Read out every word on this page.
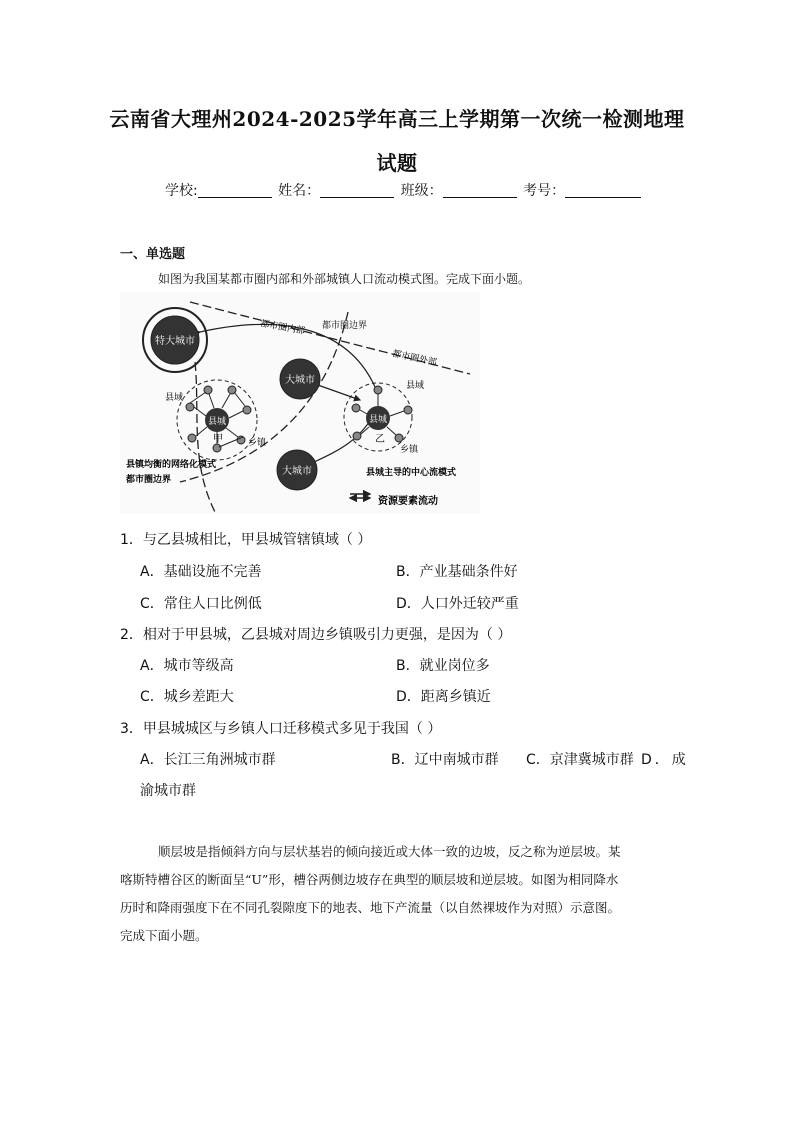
云南省大理州2024-2025学年高三上学期第一次统一检测地理
试题
学校:	姓名：	班级：	考号：
一、单选题
如图为我国某都市圈内部和外部城镇人口流动模式图。完成下面小题。
特大城市
大城市
大城市
都市圈内部 都市圈边界
都市圈外部
县城
县域
甲	乡镇
县城
县域
乙
乡镇
县镇均衡的网络化模式
都市圈边界
县城主导的中心流模式
资源要素流动
1．与乙县城相比，甲县城管辖镇域（ ）
A．基础设施不完善	B．产业基础条件好
C．常住人口比例低	D．人口外迁较严重
2．相对于甲县城，乙县城对周边乡镇吸引力更强，是因为（ ）
A．城市等级高	B．就业岗位多
C．城乡差距大	D．距离乡镇近
3．甲县城城区与乡镇人口迁移模式多见于我国（ ）
A．长江三角洲城市群	B．辽中南城市群 C．京津冀城市群 D．成
渝城市群
顺层坡是指倾斜方向与层状基岩的倾向接近或大体一致的边坡，反之称为逆层坡。某
喀斯特槽谷区的断面呈“U”形，槽谷两侧边坡存在典型的顺层坡和逆层坡。如图为相同降水
历时和降雨强度下在不同孔裂隙度下的地表、地下产流量（以自然裸坡作为对照）示意图。
完成下面小题。
